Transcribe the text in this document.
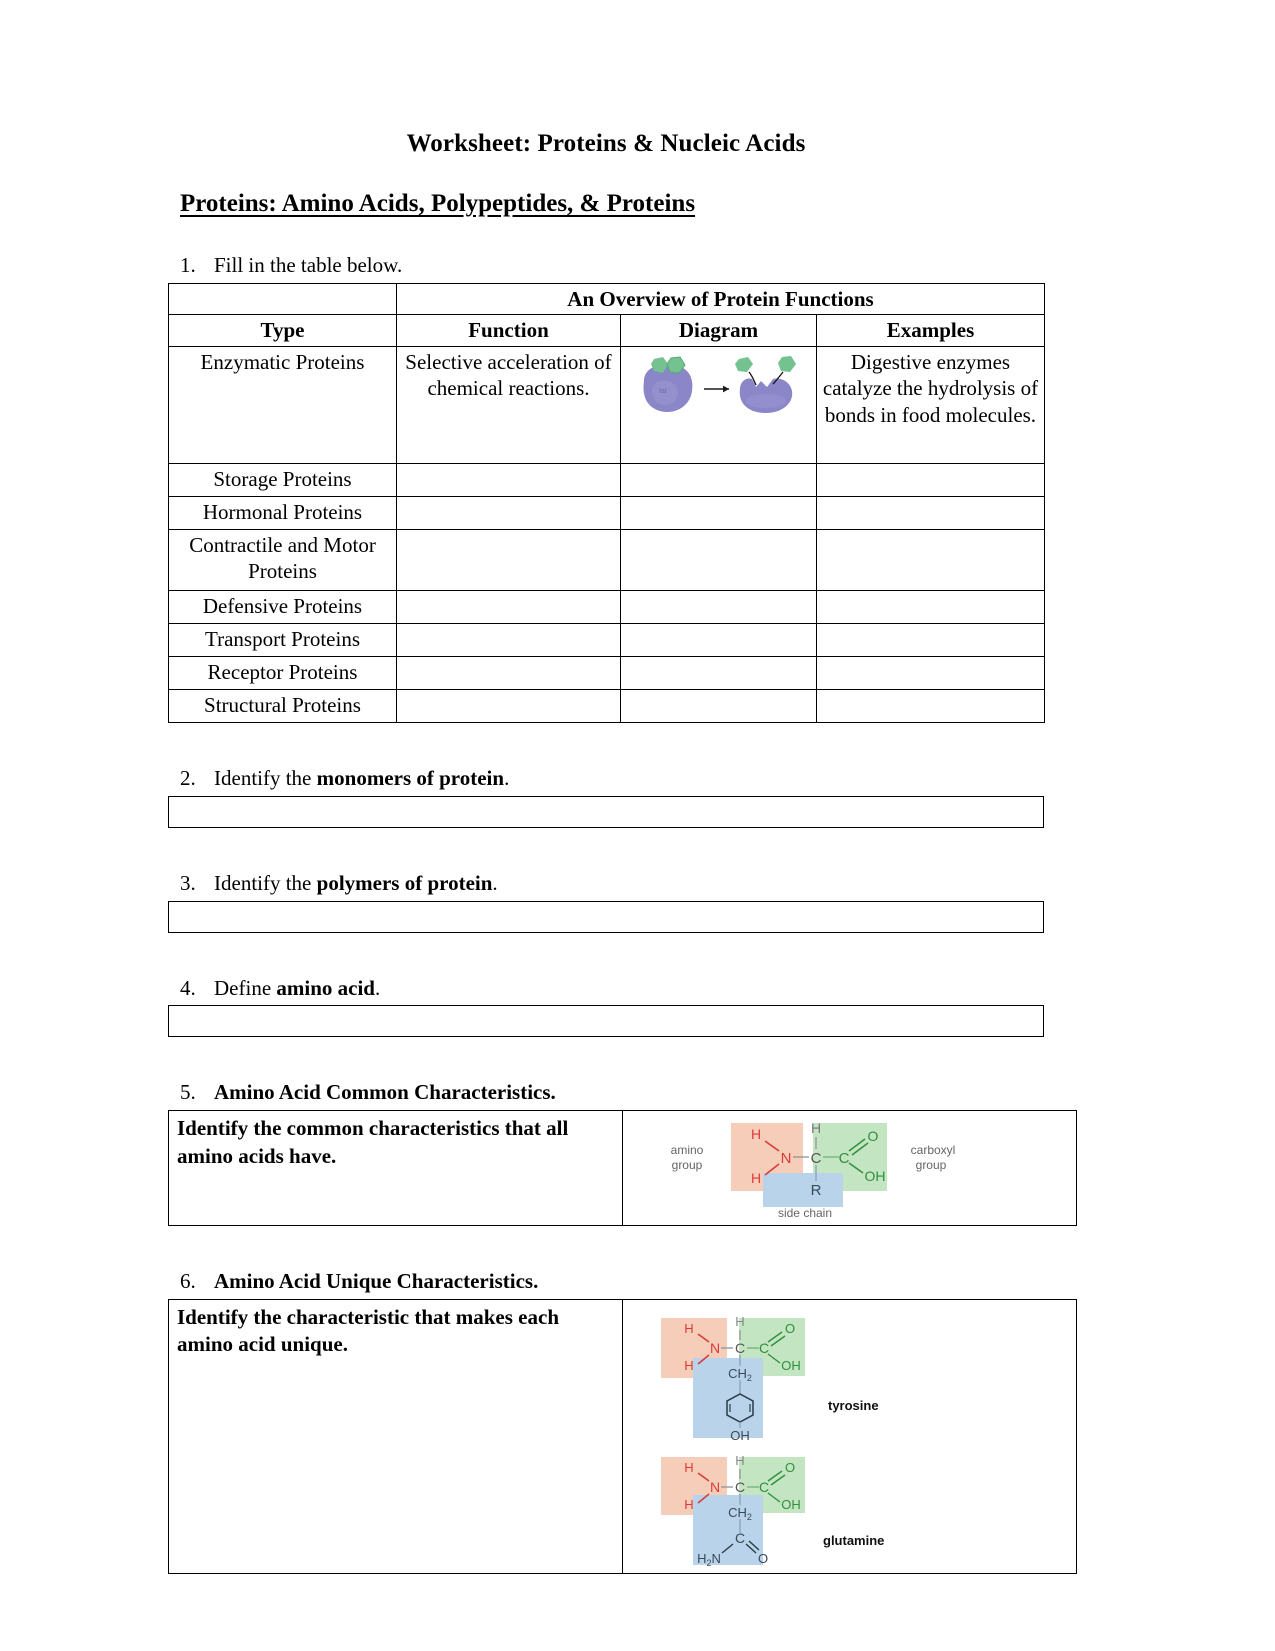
Worksheet: Proteins & Nucleic Acids
Proteins: Amino Acids, Polypeptides, & Proteins
1. Fill in the table below.
	An Overview of Protein Functions		
Type	Function	Diagram	Examples
Enzymatic Proteins	Selective acceleration of chemical reactions.	fat	Digestive enzymes catalyze the hydrolysis of bonds in food molecules.
Storage Proteins			
Hormonal Proteins			
Contractile and Motor Proteins			
Defensive Proteins			
Transport Proteins			
Receptor Proteins			
Structural Proteins			
2. Identify the monomers of protein.
3. Identify the polymers of protein.
4. Define amino acid.
5. Amino Acid Common Characteristics.
Identify the common characteristics that all amino acids have.

H
H
N
H
C
R
C
O
OH
amino
group
carboxyl
group
side chain
6. Amino Acid Unique Characteristics.
Identify the characteristic that makes each amino acid unique.

H
H
N
H
C C
O
OH
$CH_2$
OH
tyrosine
H
H
N
H
C C
O
OH
$CH_2$
C
$H_2N$	O
glutamine
